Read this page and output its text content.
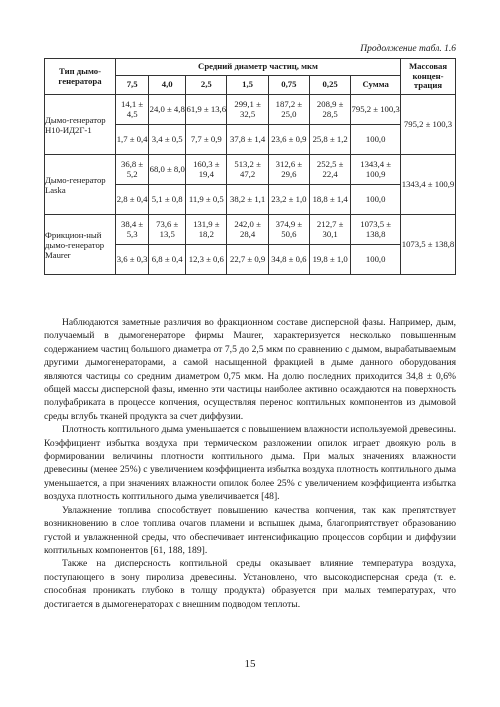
Продолжение табл. 1.6
Тип дымо-генератора	Средний диаметр частиц, мкм							Массовая концен-трация
	7,5	4,0	2,5	1,5	0,75	0,25	Сумма	
Дымо-генератор Н10-ИД2Г-1	14,1 ± 4,5	24,0 ± 4,8	61,9 ± 13,6	299,1 ± 32,5	187,2 ± 25,0	208,9 ± 28,5	795,2 ± 100,3	795,2 ± 100,3
	1,7 ± 0,4	3,4 ± 0,5	7,7 ± 0,9	37,8 ± 1,4	23,6 ± 0,9	25,8 ± 1,2	100,0	
Дымо-генератор Laska	36,8 ± 5,2	68,0 ± 8,0	160,3 ± 19,4	513,2 ± 47,2	312,6 ± 29,6	252,5 ± 22,4	1343,4 ± 100,9	1343,4 ± 100,9
	2,8 ± 0,4	5,1 ± 0,8	11,9 ± 0,5	38,2 ± 1,1	23,2 ± 1,0	18,8 ± 1,4	100,0	
Фрикцион-ный дымо-генератор Maurer	38,4 ± 5,3	73,6 ± 13,5	131,9 ± 18,2	242,0 ± 28,4	374,9 ± 50,6	212,7 ± 30,1	1073,5 ± 138,8	1073,5 ± 138,8
	3,6 ± 0,3	6,8 ± 0,4	12,3 ± 0,6	22,7 ± 0,9	34,8 ± 0,6	19,8 ± 1,0	100,0	

Наблюдаются заметные различия во фракционном составе дисперсной фазы. Например, дым, получаемый в дымогенераторе фирмы Maurer, характеризуется несколько повышенным содержанием частиц большого диаметра от 7,5 до 2,5 мкм по сравнению с дымом, вырабатываемым другими дымогенераторами, а самой насыщенной фракцией в дыме данного оборудования являются частицы со средним диаметром 0,75 мкм. На долю последних приходится 34,8 ± 0,6% общей массы дисперсной фазы, именно эти частицы наиболее активно осаждаются на поверхность полуфабриката в процессе копчения, осуществляя перенос коптильных компонентов из дымовой среды вглубь тканей продукта за счет диффузии.

Плотность коптильного дыма уменьшается с повышением влажности используемой древесины. Коэффициент избытка воздуха при термическом разложении опилок играет двоякую роль в формировании величины плотности коптильного дыма. При малых значениях влажности древесины (менее 25%) с увеличением коэффициента избытка воздуха плотность коптильного дыма уменьшается, а при значениях влажности опилок более 25% с увеличением коэффициента избытка воздуха плотность коптильного дыма увеличивается [48].

Увлажнение топлива способствует повышению качества копчения, так как препятствует возникновению в слое топлива очагов пламени и вспышек дыма, благоприятствует образованию густой и увлажненной среды, что обеспечивает интенсификацию процессов сорбции и диффузии коптильных компонентов [61, 188, 189].

Также на дисперсность коптильной среды оказывает влияние температура воздуха, поступающего в зону пиролиза древесины. Установлено, что высокодисперсная среда (т. е. способная проникать глубоко в толщу продукта) образуется при малых температурах, что достигается в дымогенераторах с внешним подводом теплоты.

15
